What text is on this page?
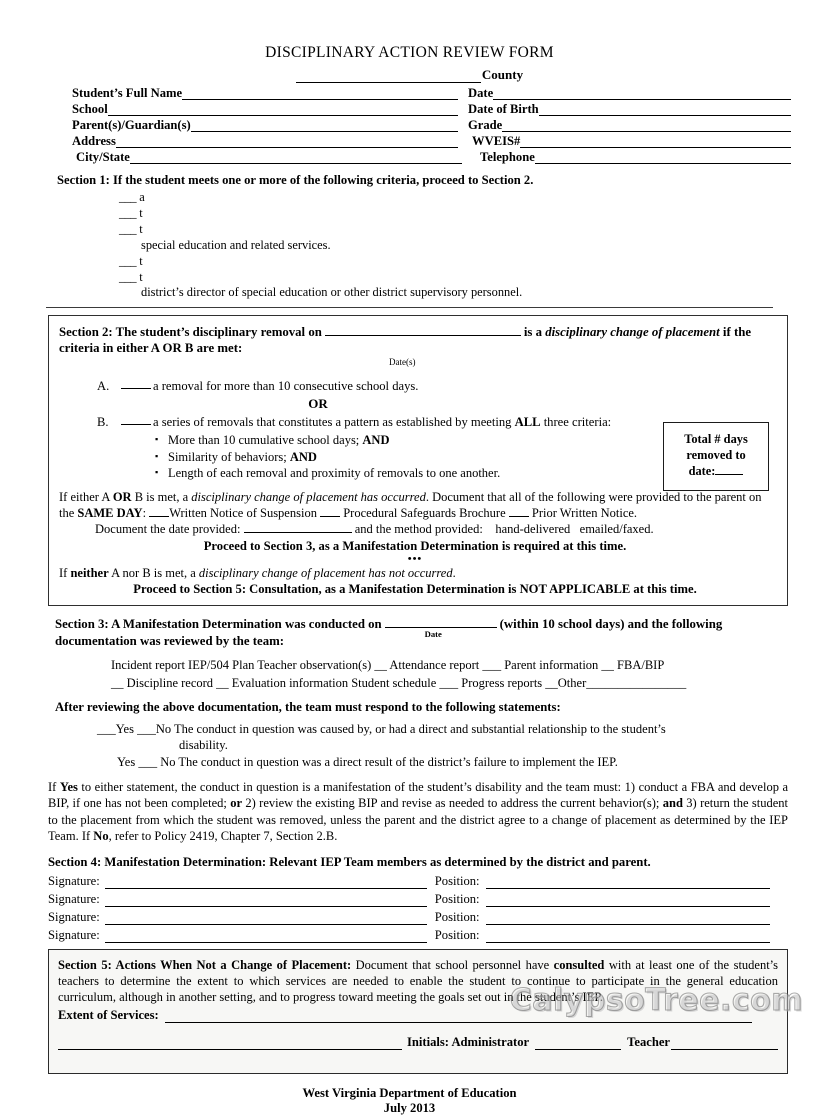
DISCIPLINARY ACTION REVIEW FORM
County
Student’s Full Name	Date
School	Date of Birth
Parent(s)/Guardian(s)	Grade
Address	WVEIS#
City/State	Telephone
Section 1: If the student meets one or more of the following criteria, proceed to Section 2.
___ a
___ t
___ t
special education and related services.
___ t
___ t
district’s director of special education or other district supervisory personnel.
Section 2: The student’s disciplinary removal on	is a disciplinary change of placement if the
criteria in either A OR B are met:
Date(s)
Total # days
removed to
date:
A.	a removal for more than 10 consecutive school days.
OR
B.	a series of removals that constitutes a pattern as established by meeting ALL three criteria:
▪ More than 10 cumulative school days; AND
▪ Similarity of behaviors; AND
▪ Length of each removal and proximity of removals to one another.

If either A OR B is met, a disciplinary change of placement has occurred. Document that all of the following were provided to the parent on the SAME DAY: Written Notice of Suspension Procedural Safeguards Brochure Prior Written Notice.

Document the date provided:	and the method provided: hand-delivered emailed/faxed.

Proceed to Section 3, as a Manifestation Determination is required at this time.

•••

If neither A nor B is met, a disciplinary change of placement has not occurred.

Proceed to Section 5: Consultation, as a Manifestation Determination is NOT APPLICABLE at this time.

Section 3: A Manifestation Determination was conducted on
Date
(within 10 school days) and the following
documentation was reviewed by the team:
Incident report IEP/504 Plan Teacher observation(s) __ Attendance report ___ Parent information __ FBA/BIP
__ Discipline record __ Evaluation information Student schedule ___ Progress reports __Other________________
After reviewing the above documentation, the team must respond to the following statements:
___Yes ___No The conduct in question was caused by, or had a direct and substantial relationship to the student’s
disability.
Yes ___ No The conduct in question was a direct result of the district’s failure to implement the IEP.
If Yes to either statement, the conduct in question is a manifestation of the student’s disability and the team must: 1) conduct a FBA and develop a BIP, if one has not been completed; or 2) review the existing BIP and revise as needed to address the current behavior(s); and 3) return the student to the placement from which the student was removed, unless the parent and the district agree to a change of placement as determined by the IEP Team. If No, refer to Policy 2419, Chapter 7, Section 2.B.
Section 4: Manifestation Determination: Relevant IEP Team members as determined by the district and parent.
Signature:	Position:
Signature:	Position:
Signature:	Position:
Signature:	Position:

Section 5: Actions When Not a Change of Placement: Document that school personnel have consulted with at least one of the student’s teachers to determine the extent to which services are needed to enable the student to continue to participate in the general education curriculum, although in another setting, and to progress toward meeting the goals set out in the student’s IEP.

Extent of Services:
Initials: Administrator	Teacher
West Virginia Department of Education
July 2013
